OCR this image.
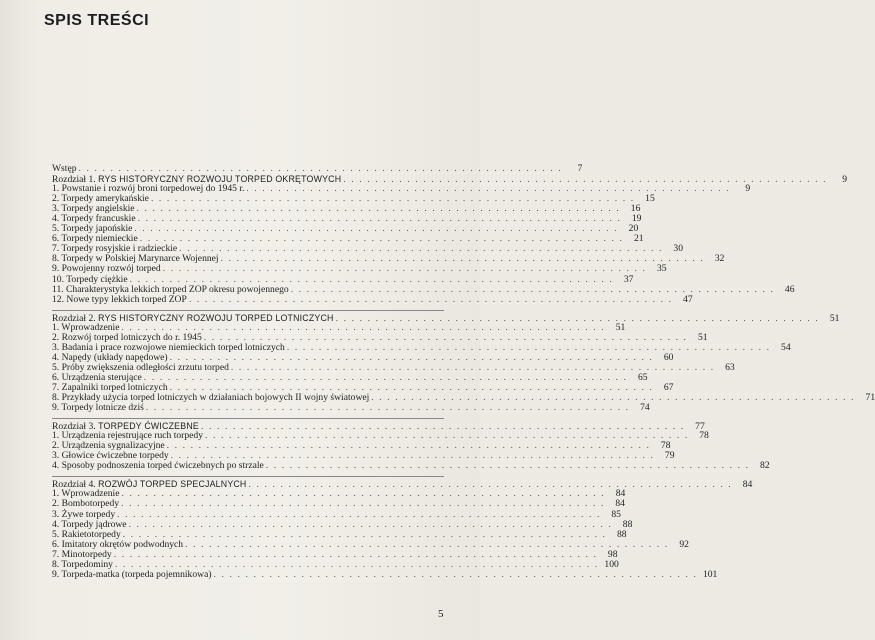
SPIS TREŚCI
Wstęp . . .	7
Rozdział 1. RYS HISTORYCZNY ROZWOJU TORPED OKRĘTOWYCH . . .	9
1. Powstanie i rozwój broni torpedowej do 1945 r. . . .	9
2. Torpedy amerykańskie . . .	15
3. Torpedy angielskie . . .	16
4. Torpedy francuskie . . .	19
5. Torpedy japońskie . . .	20
6. Torpedy niemieckie . . .	21
7. Torpedy rosyjskie i radzieckie . . .	30
8. Torpedy w Polskiej Marynarce Wojennej . . .	32
9. Powojenny rozwój torped . . .	35
10. Torpedy ciężkie . . .	37
11. Charakterystyka lekkich torped ZOP okresu powojennego . . .	46
12. Nowe typy lekkich torped ZOP . . .	47
Rozdział 2. RYS HISTORYCZNY ROZWOJU TORPED LOTNICZYCH . . .	51
1. Wprowadzenie . . .	51
2. Rozwój torped lotniczych do r. 1945 . . .	51
3. Badania i prace rozwojowe niemieckich torped lotniczych . . .	54
4. Napędy (układy napędowe) . . .	60
5. Próby zwiększenia odległości zrzutu torped . . .	63
6. Urządzenia sterujące . . .	65
7. Zapalniki torped lotniczych . . .	67
8. Przykłady użycia torped lotniczych w działaniach bojowych II wojny światowej . . .	71
9. Torpedy lotnicze dziś . . .	74
Rozdział 3. TORPEDY ĆWICZEBNE . . .	77
1. Urządzenia rejestrujące ruch torpedy . . .	78
2. Urządzenia sygnalizacyjne . . .	78
3. Głowice ćwiczebne torpedy . . .	79
4. Sposoby podnoszenia torped ćwiczebnych po strzale . . .	82
Rozdział 4. ROZWÓJ TORPED SPECJALNYCH . . .	84
1. Wprowadzenie . . .	84
2. Bombotorpedy . . .	84
3. Żywe torpedy . . .	85
4. Torpedy jądrowe . . .	88
5. Rakietotorpedy . . .	88
6. Imitatory okrętów podwodnych . . .	92
7. Minotorpedy . . .	98
8. Torpedominy . . .	100
9. Torpeda-matka (torpeda pojemnikowa) . . .	101
5
